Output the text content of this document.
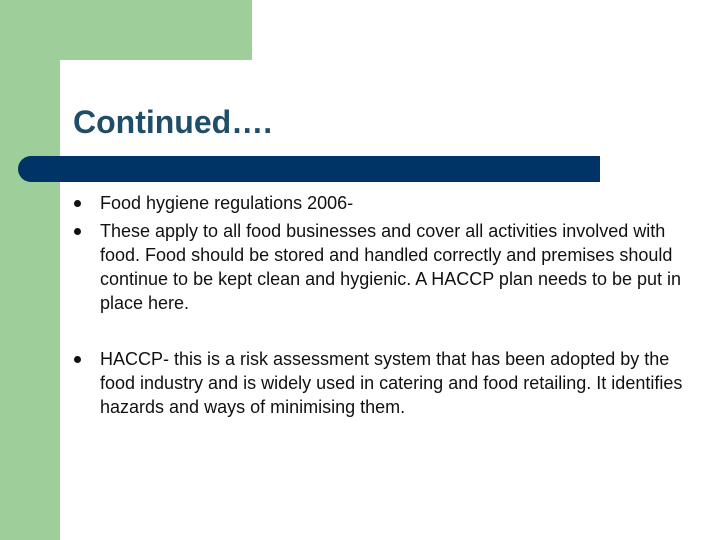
Continued….
Food hygiene regulations 2006-
These apply to all food businesses and cover all activities involved with food. Food should be stored and handled correctly and premises should continue to be kept clean and hygienic. A HACCP plan needs to be put in place here.
HACCP- this is a risk assessment system that has been adopted by the food industry and is widely used in catering and food retailing. It identifies hazards and ways of minimising them.
